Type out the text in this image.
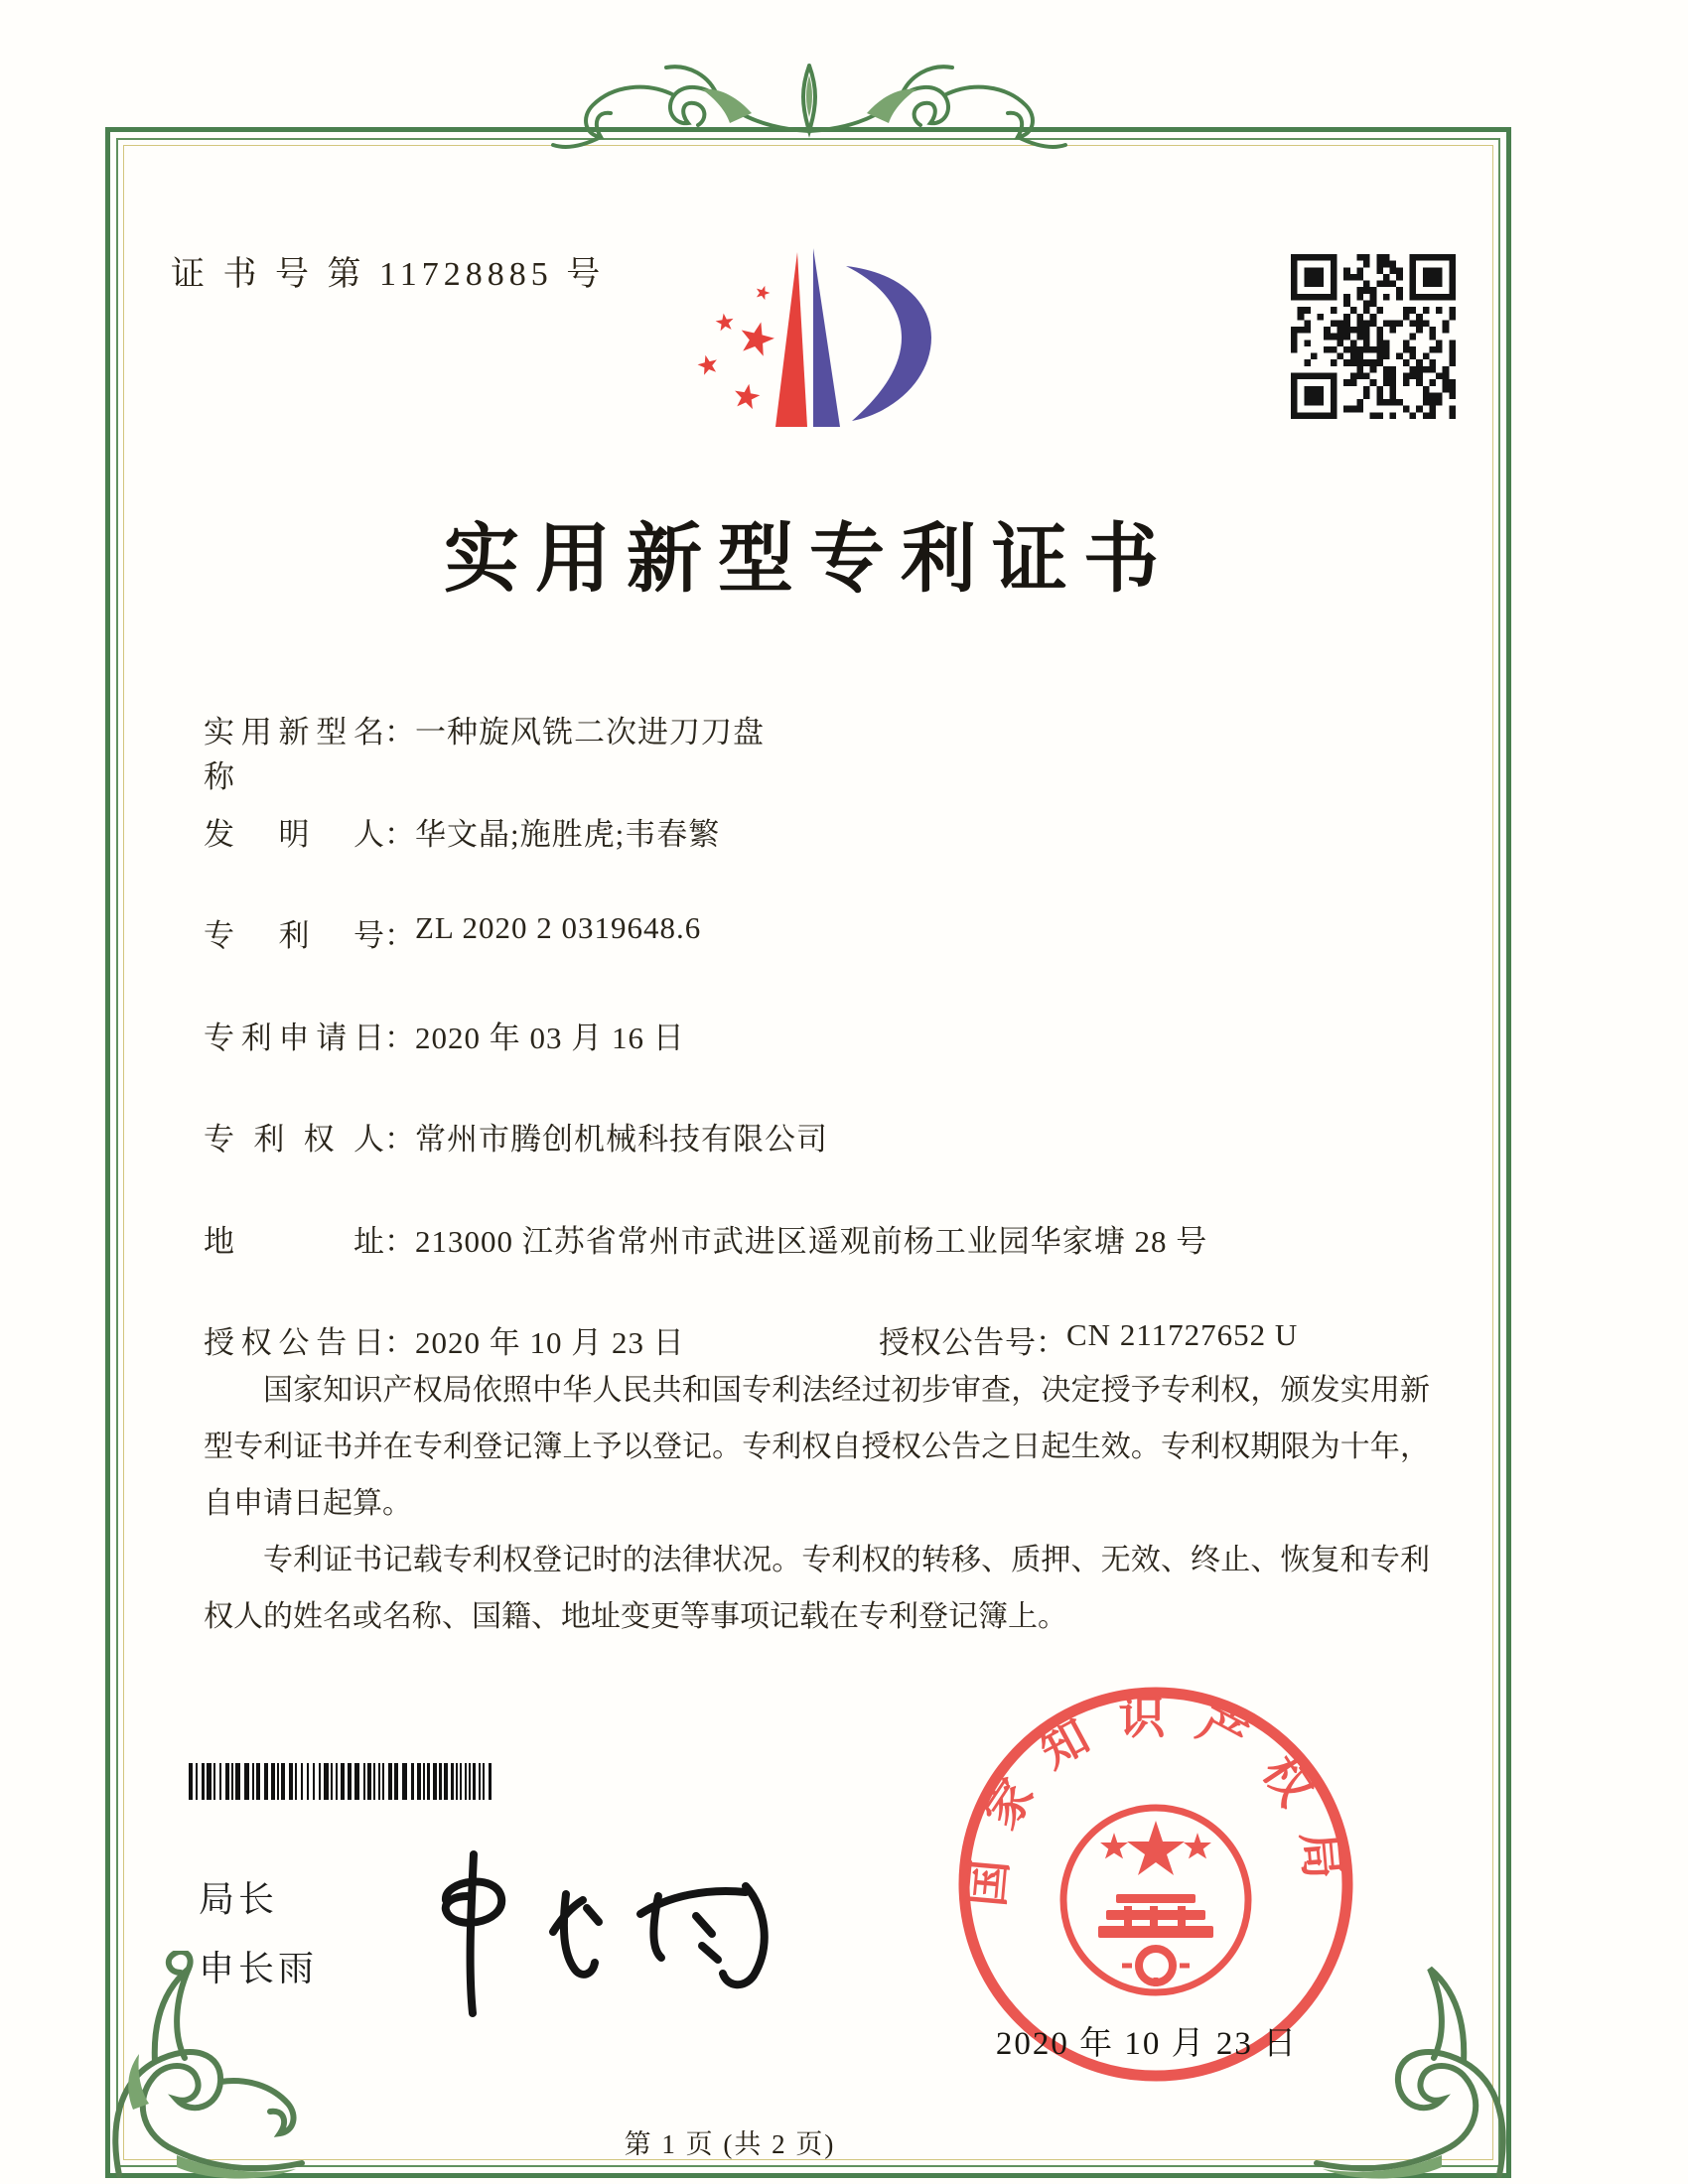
证 书 号 第 11728885 号
实用新型专利证书
实用新型名称：一种旋风铣二次进刀刀盘
发明人：华文晶;施胜虎;韦春繁
专利号：ZL 2020 2 0319648.6
专利申请日：2020 年 03 月 16 日
专利权人：常州市腾创机械科技有限公司
地址：213000 江苏省常州市武进区遥观前杨工业园华家塘 28 号
授权公告日：2020 年 10 月 23 日	授权公告号：CN 211727652 U

国家知识产权局依照中华人民共和国专利法经过初步审查，决定授予专利权，颁发实用新型专利证书并在专利登记簿上予以登记。专利权自授权公告之日起生效。专利权期限为十年，自申请日起算。

专利证书记载专利权登记时的法律状况。专利权的转移、质押、无效、终止、恢复和专利权人的姓名或名称、国籍、地址变更等事项记载在专利登记簿上。

局长
申长雨
国家知识产权局
2020 年 10 月 23 日
第 1 页 (共 2 页)
